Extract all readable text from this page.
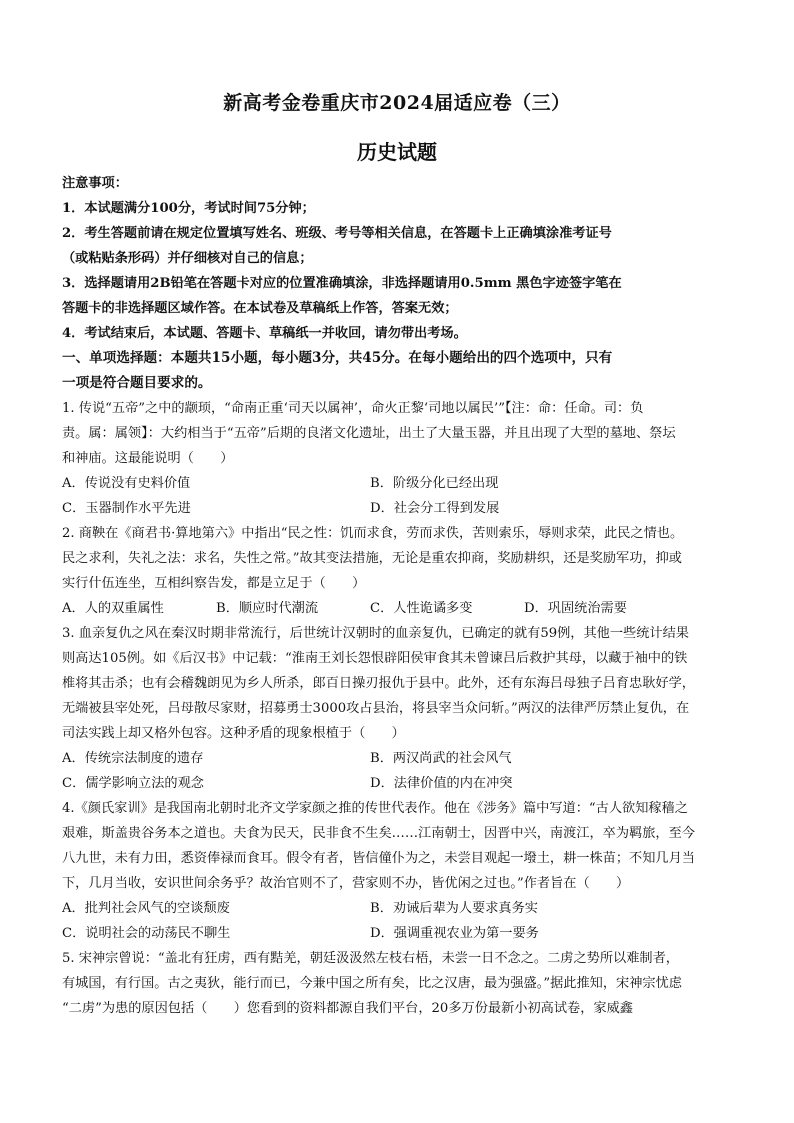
新高考金卷重庆市2024届适应卷（三）
历史试题
注意事项：
1．本试题满分100分，考试时间75分钟；
2．考生答题前请在规定位置填写姓名、班级、考号等相关信息，在答题卡上正确填涂准考证号
（或粘贴条形码）并仔细核对自己的信息；
3．选择题请用2B铅笔在答题卡对应的位置准确填涂，非选择题请用0.5mm 黑色字迹签字笔在
答题卡的非选择题区域作答。在本试卷及草稿纸上作答，答案无效；
4．考试结束后，本试题、答题卡、草稿纸一并收回，请勿带出考场。
一、单项选择题：本题共15小题，每小题3分，共45分。在每小题给出的四个选项中，只有
一项是符合题目要求的。
1. 传说“五帝”之中的颛顼，“命南正重‘司天以属神’，命火正黎‘司地以属民’”【注：命：任命。司：负
责。属：属领】：大约相当于“五帝”后期的良渚文化遗址，出土了大量玉器，并且出现了大型的墓地、祭坛
和神庙。这最能说明（　　）
A．传说没有史料价值	B．阶级分化已经出现
C．玉器制作水平先进	D．社会分工得到发展
2. 商鞅在《商君书·算地第六》中指出“民之性：饥而求食，劳而求佚，苦则索乐，辱则求荣，此民之情也。
民之求利，失礼之法：求名，失性之常。”故其变法措施，无论是重农抑商，奖励耕织，还是奖励军功，抑或
实行什伍连坐，互相纠察告发，都是立足于（　　）
A．人的双重属性	B．顺应时代潮流	C．人性诡谲多变	D．巩固统治需要
3. 血亲复仇之风在秦汉时期非常流行，后世统计汉朝时的血亲复仇，已确定的就有59例，其他一些统计结果
则高达105例。如《后汉书》中记载：“淮南王刘长怨恨辟阳侯审食其未曾谏吕后救护其母，以藏于袖中的铁
椎将其击杀；也有会稽魏朗见为乡人所杀，郎百日操刃报仇于县中。此外，还有东海吕母独子吕育忠耿好学，
无端被县宰处死，吕母散尽家财，招募勇士3000攻占县治，将县宰当众问斩。”两汉的法律严厉禁止复仇，在
司法实践上却又格外包容。这种矛盾的现象根植于（　　）
A．传统宗法制度的遗存	B．两汉尚武的社会风气
C．儒学影响立法的观念	D．法律价值的内在冲突
4.《颜氏家训》是我国南北朝时北齐文学家颜之推的传世代表作。他在《涉务》篇中写道：“古人欲知稼穑之
艰难，斯盖贵谷务本之道也。夫食为民天，民非食不生矣……江南朝士，因晋中兴，南渡江，卒为羁旅，至今
八九世，未有力田，悉资俸禄而食耳。假令有者，皆信僮仆为之，未尝目观起一墢土，耕一株苗；不知几月当
下，几月当收，安识世间余务乎？故治官则不了，营家则不办，皆优闲之过也。”作者旨在（　　）
A．批判社会风气的空谈颓废	B．劝诫后辈为人要求真务实
C．说明社会的动荡民不聊生	D．强调重视农业为第一要务
5. 宋神宗曾说：“盖北有狂虏，西有黠羌，朝廷汲汲然左枝右梧，未尝一日不念之。二虏之势所以难制者，
有城国，有行国。古之夷狄，能行而已，今兼中国之所有矣，比之汉唐，最为强盛。”据此推知，宋神宗忧虑
“二虏”为患的原因包括（　　）您看到的资料都源自我们平台，20多万份最新小初高试卷，家威鑫
